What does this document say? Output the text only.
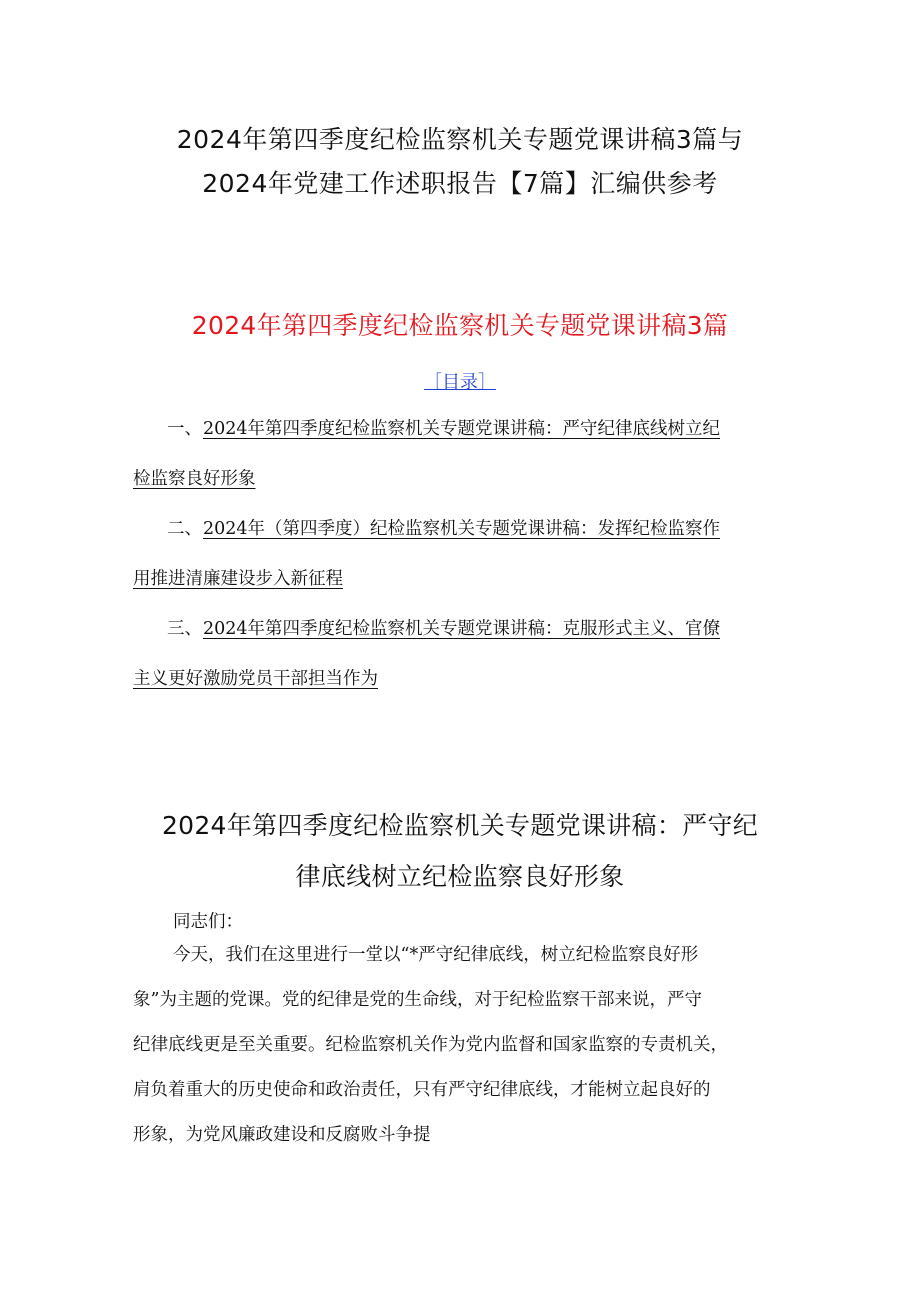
2024年第四季度纪检监察机关专题党课讲稿3篇与
2024年党建工作述职报告【7篇】汇编供参考
2024年第四季度纪检监察机关专题党课讲稿3篇
［目录］
一、 2024年第四季度纪检监察机关专题党课讲稿：严守纪律底线树立纪
检监察良好形象
二、 2024年（第四季度）纪检监察机关专题党课讲稿：发挥纪检监察作
用推进清廉建设步入新征程
三、 2024年第四季度纪检监察机关专题党课讲稿：克服形式主义、官僚
主义更好激励党员干部担当作为
2024年第四季度纪检监察机关专题党课讲稿：严守纪
律底线树立纪检监察良好形象
同志们：
今天，我们在这里进行一堂以“*严守纪律底线，树立纪检监察良好形
象”为主题的党课。党的纪律是党的生命线，对于纪检监察干部来说，严守
纪律底线更是至关重要。纪检监察机关作为党内监督和国家监察的专责机关，
肩负着重大的历史使命和政治责任，只有严守纪律底线，才能树立起良好的
形象，为党风廉政建设和反腐败斗争提
